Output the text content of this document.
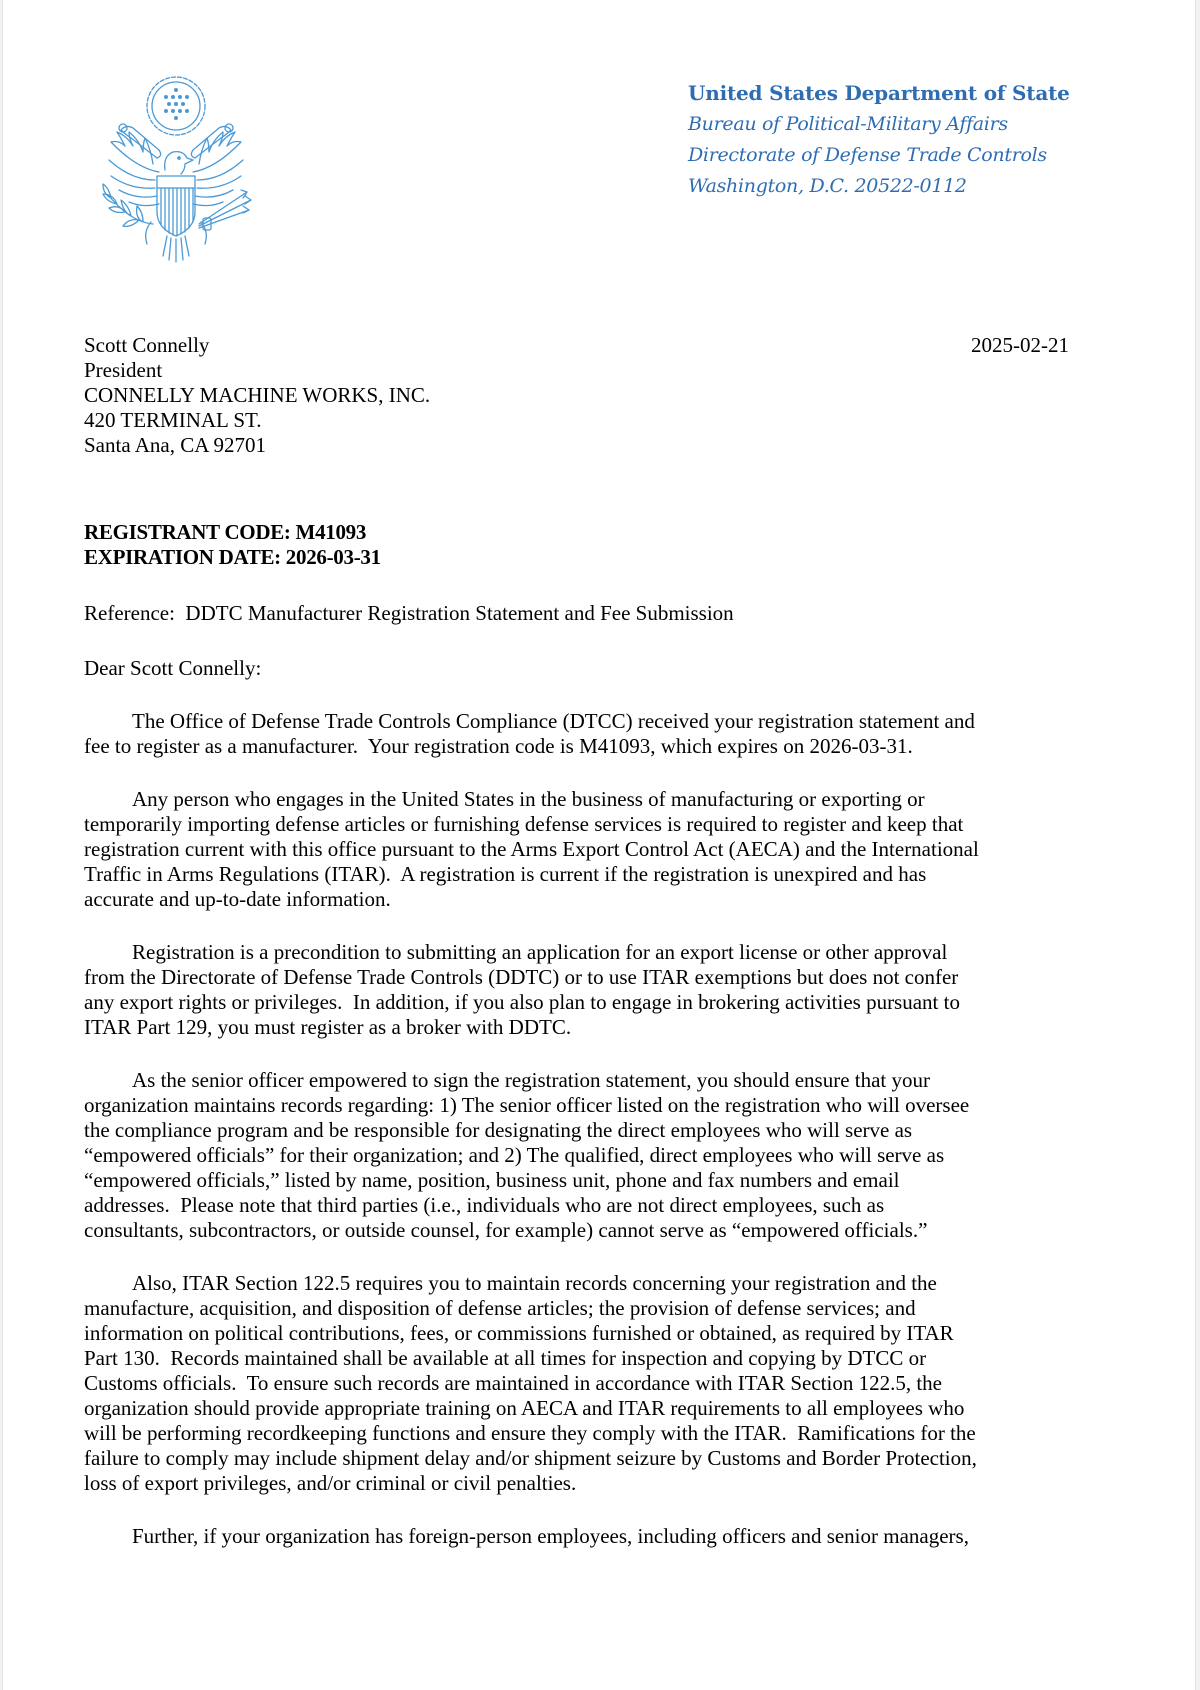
United States Department of State
Bureau of Political-Military Affairs
Directorate of Defense Trade Controls
Washington, D.C. 20522-0112
2025-02-21
Scott Connelly
President
CONNELLY MACHINE WORKS, INC.
420 TERMINAL ST.
Santa Ana, CA 92701
REGISTRANT CODE: M41093
EXPIRATION DATE: 2026-03-31
Reference:  DDTC Manufacturer Registration Statement and Fee Submission
Dear Scott Connelly:
The Office of Defense Trade Controls Compliance (DTCC) received your registration statement and
fee to register as a manufacturer.  Your registration code is M41093, which expires on 2026-03-31.
Any person who engages in the United States in the business of manufacturing or exporting or
temporarily importing defense articles or furnishing defense services is required to register and keep that
registration current with this office pursuant to the Arms Export Control Act (AECA) and the International
Traffic in Arms Regulations (ITAR).  A registration is current if the registration is unexpired and has
accurate and up-to-date information.
Registration is a precondition to submitting an application for an export license or other approval
from the Directorate of Defense Trade Controls (DDTC) or to use ITAR exemptions but does not confer
any export rights or privileges.  In addition, if you also plan to engage in brokering activities pursuant to
ITAR Part 129, you must register as a broker with DDTC.
As the senior officer empowered to sign the registration statement, you should ensure that your
organization maintains records regarding: 1) The senior officer listed on the registration who will oversee
the compliance program and be responsible for designating the direct employees who will serve as
“empowered officials” for their organization; and 2) The qualified, direct employees who will serve as
“empowered officials,” listed by name, position, business unit, phone and fax numbers and email
addresses.  Please note that third parties (i.e., individuals who are not direct employees, such as
consultants, subcontractors, or outside counsel, for example) cannot serve as “empowered officials.”
Also, ITAR Section 122.5 requires you to maintain records concerning your registration and the
manufacture, acquisition, and disposition of defense articles; the provision of defense services; and
information on political contributions, fees, or commissions furnished or obtained, as required by ITAR
Part 130.  Records maintained shall be available at all times for inspection and copying by DTCC or
Customs officials.  To ensure such records are maintained in accordance with ITAR Section 122.5, the
organization should provide appropriate training on AECA and ITAR requirements to all employees who
will be performing recordkeeping functions and ensure they comply with the ITAR.  Ramifications for the
failure to comply may include shipment delay and/or shipment seizure by Customs and Border Protection,
loss of export privileges, and/or criminal or civil penalties.
Further, if your organization has foreign-person employees, including officers and senior managers,
